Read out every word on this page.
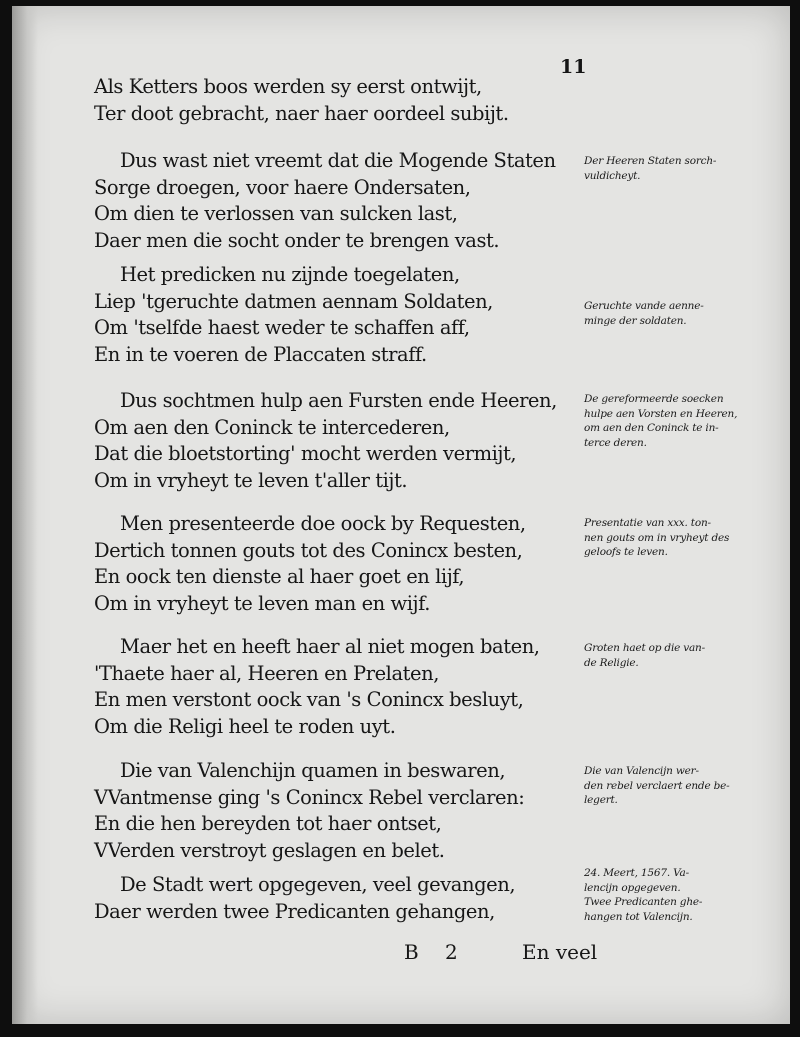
11
Als Ketters boos werden sy eerst ontwijt,
Ter doot gebracht, naer haer oordeel subijt.
Dus wast niet vreemt dat die Mogende Staten
Sorge droegen, voor haere Ondersaten,
Om dien te verlossen van sulcken last,
Daer men die socht onder te brengen vast.
Het predicken nu zijnde toegelaten,
Liep 'tgeruchte datmen aennam Soldaten,
Om 'tselfde haest weder te schaffen aff,
En in te voeren de Placcaten straff.
Dus sochtmen hulp aen Fursten ende Heeren,
Om aen den Coninck te intercederen,
Dat die bloetstorting' mocht werden vermijt,
Om in vryheyt te leven t'aller tijt.
Men presenteerde doe oock by Requesten,
Dertich tonnen gouts tot des Conincx besten,
En oock ten dienste al haer goet en lijf,
Om in vryheyt te leven man en wijf.
Maer het en heeft haer al niet mogen baten,
'Thaete haer al, Heeren en Prelaten,
En men verstont oock van 's Conincx besluyt,
Om die Religi heel te roden uyt.
Die van Valenchijn quamen in beswaren,
VVantmense ging 's Conincx Rebel verclaren:
En die hen bereyden tot haer ontset,
VVerden verstroyt geslagen en belet.
De Stadt wert opgegeven, veel gevangen,
Daer werden twee Predicanten gehangen,
Der Heeren Staten sorch-
vuldicheyt.
Geruchte vande aenne-
minge der soldaten.
De gereformeerde soecken
hulpe aen Vorsten en Heeren,
om aen den Coninck te in-
terce deren.
Presentatie van xxx. ton-
nen gouts om in vryheyt des
geloofs te leven.
Groten haet op die van-
de Religie.
Die van Valencijn wer-
den rebel verclaert ende be-
legert.
24. Meert, 1567. Va-
lencijn opgegeven.
Twee Predicanten ghe-
hangen tot Valencijn.
B 2	En veel
